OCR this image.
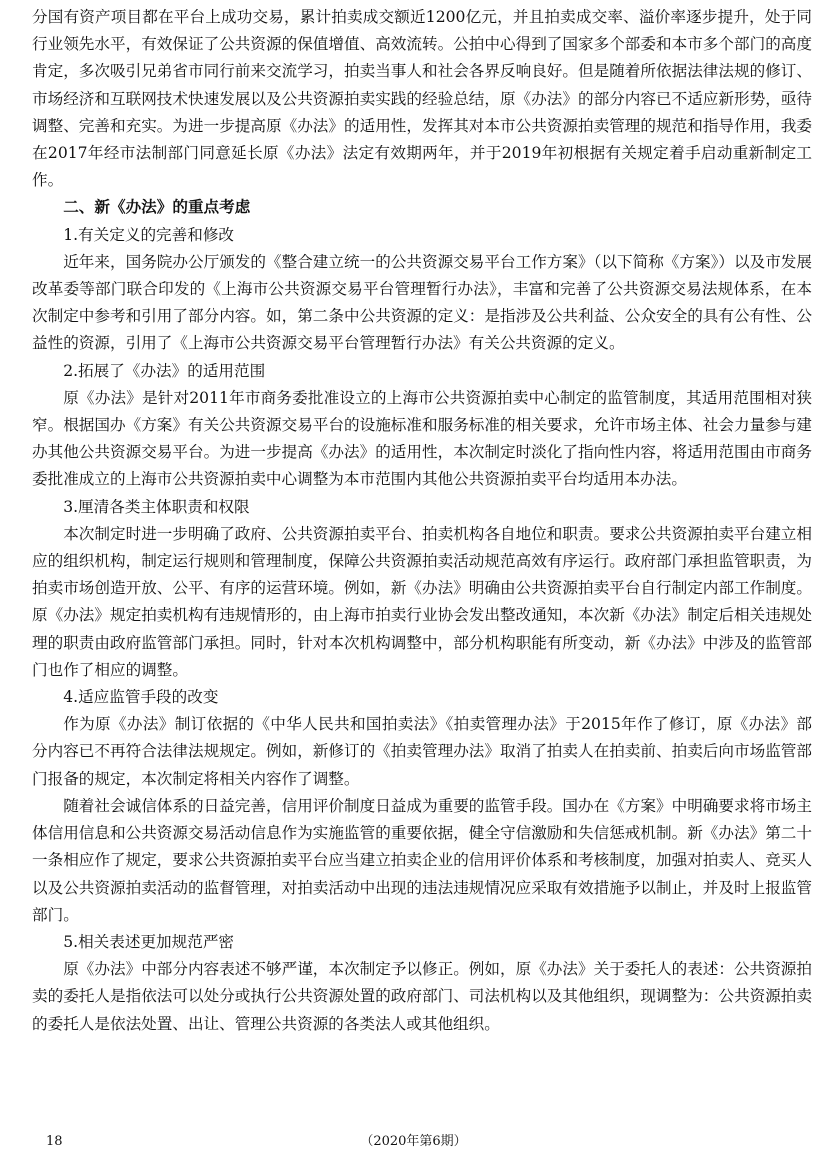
分国有资产项目都在平台上成功交易，累计拍卖成交额近1200亿元，并且拍卖成交率、溢价率逐步提升，处于同行业领先水平，有效保证了公共资源的保值增值、高效流转。公拍中心得到了国家多个部委和本市多个部门的高度肯定，多次吸引兄弟省市同行前来交流学习，拍卖当事人和社会各界反响良好。但是随着所依据法律法规的修订、市场经济和互联网技术快速发展以及公共资源拍卖实践的经验总结，原《办法》的部分内容已不适应新形势，亟待调整、完善和充实。为进一步提高原《办法》的适用性，发挥其对本市公共资源拍卖管理的规范和指导作用，我委在2017年经市法制部门同意延长原《办法》法定有效期两年，并于2019年初根据有关规定着手启动重新制定工作。

二、新《办法》的重点考虑

1.有关定义的完善和修改

近年来，国务院办公厅颁发的《整合建立统一的公共资源交易平台工作方案》（以下简称《方案》）以及市发展改革委等部门联合印发的《上海市公共资源交易平台管理暂行办法》，丰富和完善了公共资源交易法规体系，在本次制定中参考和引用了部分内容。如，第二条中公共资源的定义：是指涉及公共利益、公众安全的具有公有性、公益性的资源，引用了《上海市公共资源交易平台管理暂行办法》有关公共资源的定义。

2.拓展了《办法》的适用范围

原《办法》是针对2011年市商务委批准设立的上海市公共资源拍卖中心制定的监管制度，其适用范围相对狭窄。根据国办《方案》有关公共资源交易平台的设施标准和服务标准的相关要求，允许市场主体、社会力量参与建办其他公共资源交易平台。为进一步提高《办法》的适用性，本次制定时淡化了指向性内容，将适用范围由市商务委批准成立的上海市公共资源拍卖中心调整为本市范围内其他公共资源拍卖平台均适用本办法。

3.厘清各类主体职责和权限

本次制定时进一步明确了政府、公共资源拍卖平台、拍卖机构各自地位和职责。要求公共资源拍卖平台建立相应的组织机构，制定运行规则和管理制度，保障公共资源拍卖活动规范高效有序运行。政府部门承担监管职责，为拍卖市场创造开放、公平、有序的运营环境。例如，新《办法》明确由公共资源拍卖平台自行制定内部工作制度。原《办法》规定拍卖机构有违规情形的，由上海市拍卖行业协会发出整改通知，本次新《办法》制定后相关违规处理的职责由政府监管部门承担。同时，针对本次机构调整中，部分机构职能有所变动，新《办法》中涉及的监管部门也作了相应的调整。

4.适应监管手段的改变

作为原《办法》制订依据的《中华人民共和国拍卖法》《拍卖管理办法》于2015年作了修订，原《办法》部分内容已不再符合法律法规规定。例如，新修订的《拍卖管理办法》取消了拍卖人在拍卖前、拍卖后向市场监管部门报备的规定，本次制定将相关内容作了调整。

随着社会诚信体系的日益完善，信用评价制度日益成为重要的监管手段。国办在《方案》中明确要求将市场主体信用信息和公共资源交易活动信息作为实施监管的重要依据，健全守信激励和失信惩戒机制。新《办法》第二十一条相应作了规定，要求公共资源拍卖平台应当建立拍卖企业的信用评价体系和考核制度，加强对拍卖人、竞买人以及公共资源拍卖活动的监督管理，对拍卖活动中出现的违法违规情况应采取有效措施予以制止，并及时上报监管部门。

5.相关表述更加规范严密

原《办法》中部分内容表述不够严谨，本次制定予以修正。例如，原《办法》关于委托人的表述：公共资源拍卖的委托人是指依法可以处分或执行公共资源处置的政府部门、司法机构以及其他组织，现调整为：公共资源拍卖的委托人是依法处置、出让、管理公共资源的各类法人或其他组织。

18	（2020年第6期）
